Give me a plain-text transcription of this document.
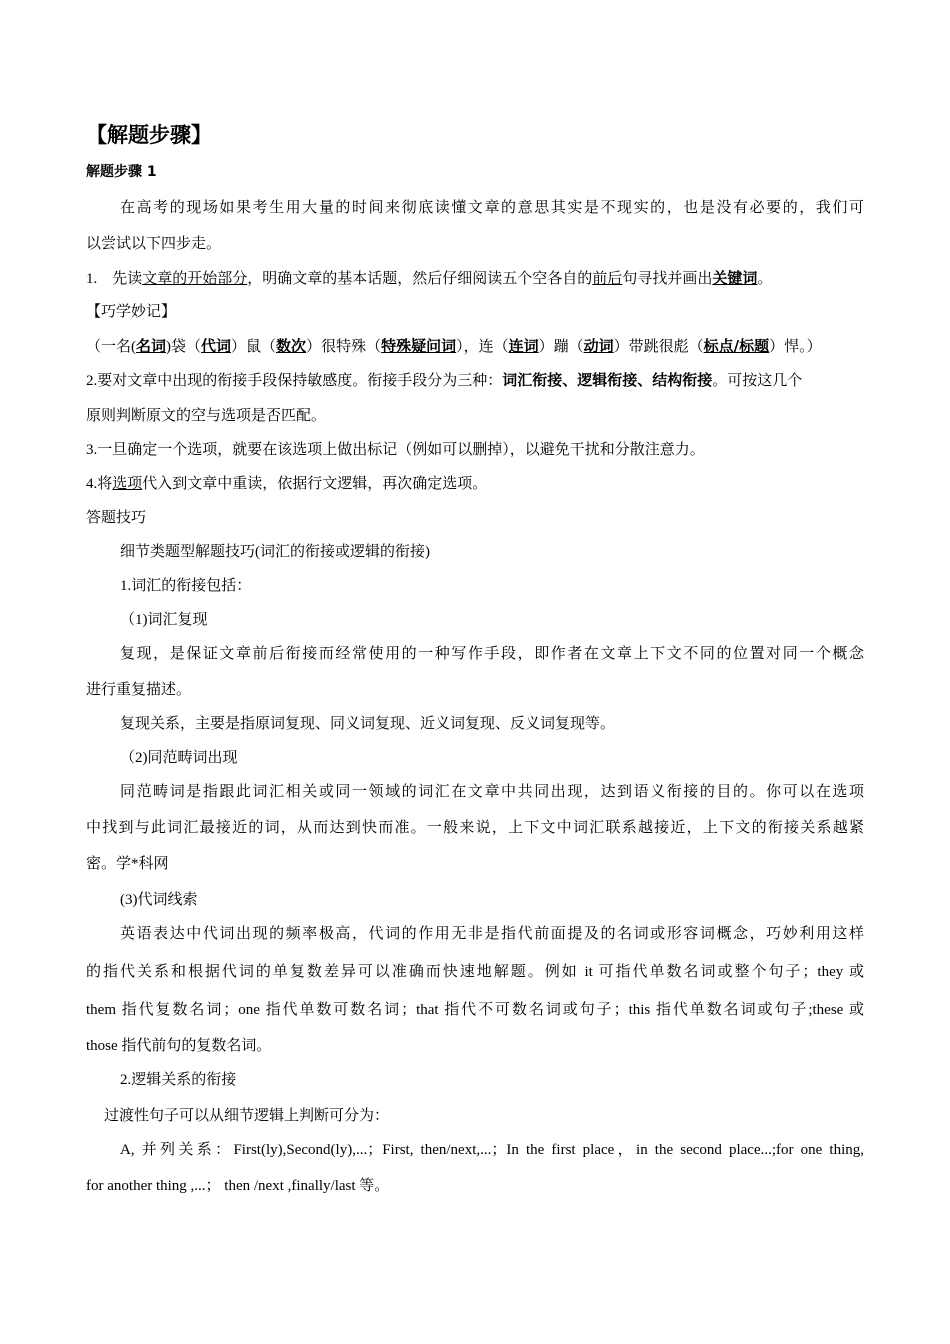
【解题步骤】
解题步骤 1
在高考的现场如果考生用大量的时间来彻底读懂文章的意思其实是不现实的，也是没有必要的，我们可
以尝试以下四步走。
1. 先读文章的开始部分，明确文章的基本话题，然后仔细阅读五个空各自的前后句寻找并画出关键词。
【巧学妙记】
（一名(名词)袋（代词）鼠（数次）很特殊（特殊疑问词），连（连词）蹦（动词）带跳很彪（标点/标题）悍。）
2.要对文章中出现的衔接手段保持敏感度。衔接手段分为三种：词汇衔接、逻辑衔接、结构衔接。可按这几个
原则判断原文的空与选项是否匹配。
3.一旦确定一个选项，就要在该选项上做出标记（例如可以删掉），以避免干扰和分散注意力。
4.将选项代入到文章中重读，依据行文逻辑，再次确定选项。
答题技巧
细节类题型解题技巧(词汇的衔接或逻辑的衔接)
1.词汇的衔接包括：
（1)词汇复现
复现，是保证文章前后衔接而经常使用的一种写作手段，即作者在文章上下文不同的位置对同一个概念
进行重复描述。
复现关系，主要是指原词复现、同义词复现、近义词复现、反义词复现等。
（2)同范畴词出现
同范畴词是指跟此词汇相关或同一领域的词汇在文章中共同出现，达到语义衔接的目的。你可以在选项
中找到与此词汇最接近的词，从而达到快而准。一般来说，上下文中词汇联系越接近，上下文的衔接关系越紧
密。学*科网
(3)代词线索
英语表达中代词出现的频率极高，代词的作用无非是指代前面提及的名词或形容词概念，巧妙利用这样
的指代关系和根据代词的单复数差异可以准确而快速地解题。例如 it 可指代单数名词或整个句子；they 或
them 指代复数名词；one 指代单数可数名词；that 指代不可数名词或句子；this 指代单数名词或句子;these 或
those 指代前句的复数名词。
2.逻辑关系的衔接
过渡性句子可以从细节逻辑上判断可分为：
A, 并列关系：First(ly),Second(ly),...；First, then/next,...；In the first place，in the second place...;for one thing,
for another thing ,...； then /next ,finally/last 等。
